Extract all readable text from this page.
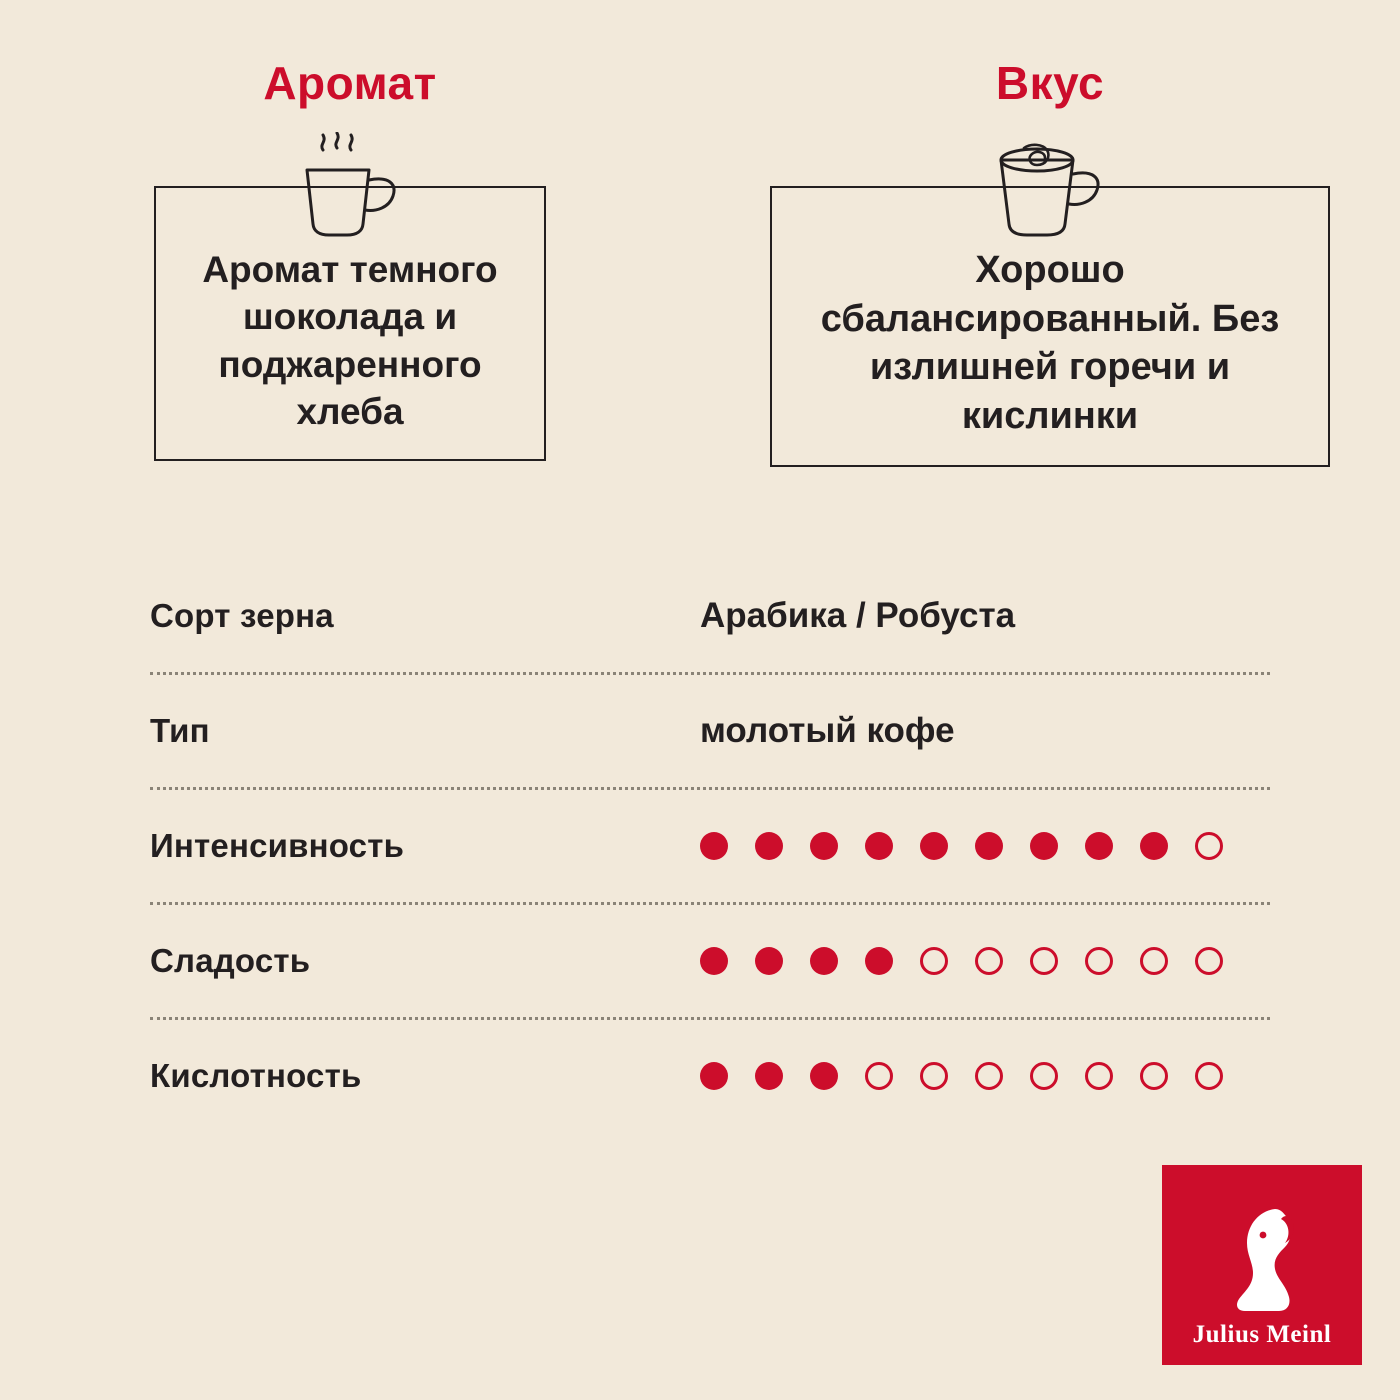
Аромат
Аромат темного шоколада и поджаренного хлеба
Вкус
Хорошо сбалансированный. Без излишней горечи и кислинки
Сорт зерна	Арабика / Робуста
Тип	молотый кофе
Интенсивность
Сладость
Кислотность
Julius Meinl
